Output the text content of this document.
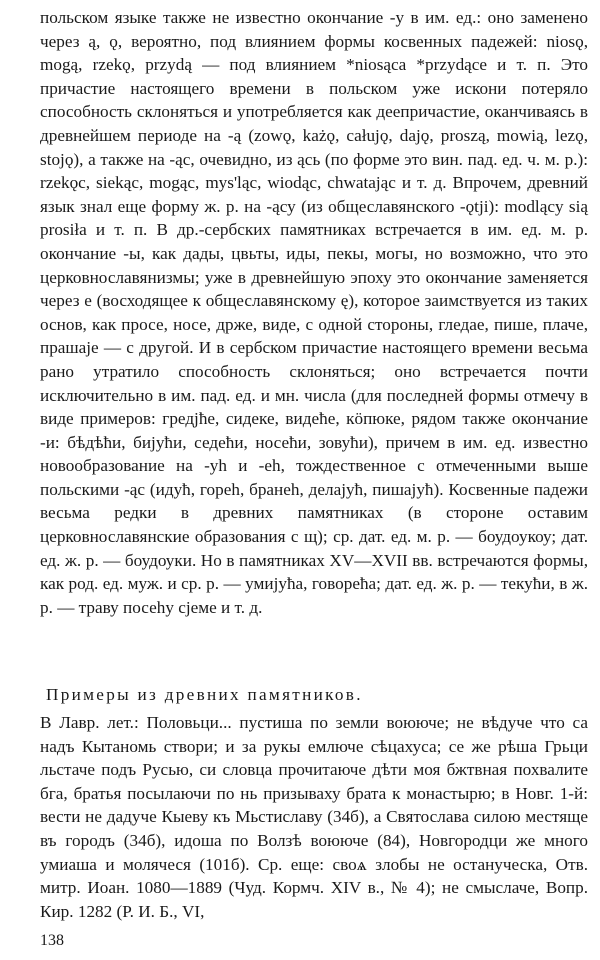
польском языке также не известно окончание -у в им. ед.: оно заменено через ą, ǫ, вероятно, под влиянием формы косвенных падежей: niosǫ, mogą, rzekǫ, przydą — под влиянием *niosąca *przydące и т. п. Это причастие настоящего времени в польском уже искони потеряло способность склоняться и употребляется как деепричастие, оканчиваясь в древнейшем периоде на -ą (zowǫ, każǫ, całujǫ, dajǫ, proszą, mowią, lezǫ, stojǫ), а также на -ąc, очевидно, из ąсь (по форме это вин. пад. ед. ч. м. р.): rzekǫc, siekąc, mogąc, mys'ląc, wiodąc, chwatając и т. д. Впрочем, древний язык знал еще форму ж. р. на -ąсу (из общеславянского -ǫtji): modlący sią prosiła и т. п. В др.-сербских памятниках встречается в им. ед. м. р. окончание -ы, как дады, цвьты, иды, пекы, могы, но возможно, что это церковнославянизмы; уже в древнейшую эпоху это окончание заменяется через е (восходящее к общеславянскому ę), которое заимствуется из таких основ, как просе, носе, држе, виде, с одной стороны, гледае, пише, плаче, прашаје — с другой. И в сербском причастие настоящего времени весьма рано утратило способность склоняться; оно встречается почти исключительно в им. пад. ед. и мн. числа (для последней формы отмечу в виде примеров: гредјће, сидеке, видеће, кӧпюке, рядом также окончание -и: бѣдѣћи, бијући, седећи, носећи, зовући), причем в им. ед. известно новообразование на -уһ и -еһ, тождественное с отмеченными выше польскими -ąc (идућ, гореһ, бранеһ, делајућ, пишајућ). Косвенные падежи весьма редки в древних памятниках (в стороне оставим церковнославянские образования с щ); ср. дат. ед. м. р. — боудоукоу; дат. ед. ж. р. — боудоуки. Но в памятниках XV—XVII вв. встречаются формы, как род. ед. муж. и ср. р. — умијућа, говорећа; дат. ед. ж. р. — текући, в ж. р. — траву посеһу сјеме и т. д.

Примеры из древних памятников.

В Лавр. лет.: Половьци... пустиша по земли воююче; не вѣдуче что са надъ Кытаномь створи; и за рукы емлюче сѣцахуса; се же рѣша Грьци льстаче подъ Русью, си словца прочитаюче дѣти моя бжтвная похвалите бга, братья посылаючи по нь призываху брата к монастырю; в Новг. 1-й: вести не дадуче Кыеву къ Мьстиславу (34б), а Святослава силою местяще въ городъ (34б), идоша по Волзѣ воююче (84), Новгородци же много умиаша и молячеся (101б). Ср. еще: своѧ злобы не остануческа, Отв. митр. Иоан. 1080—1889 (Чуд. Кормч. XIV в., № 4); не смыслаче, Вопр. Кир. 1282 (Р. И. Б., VI,

138
